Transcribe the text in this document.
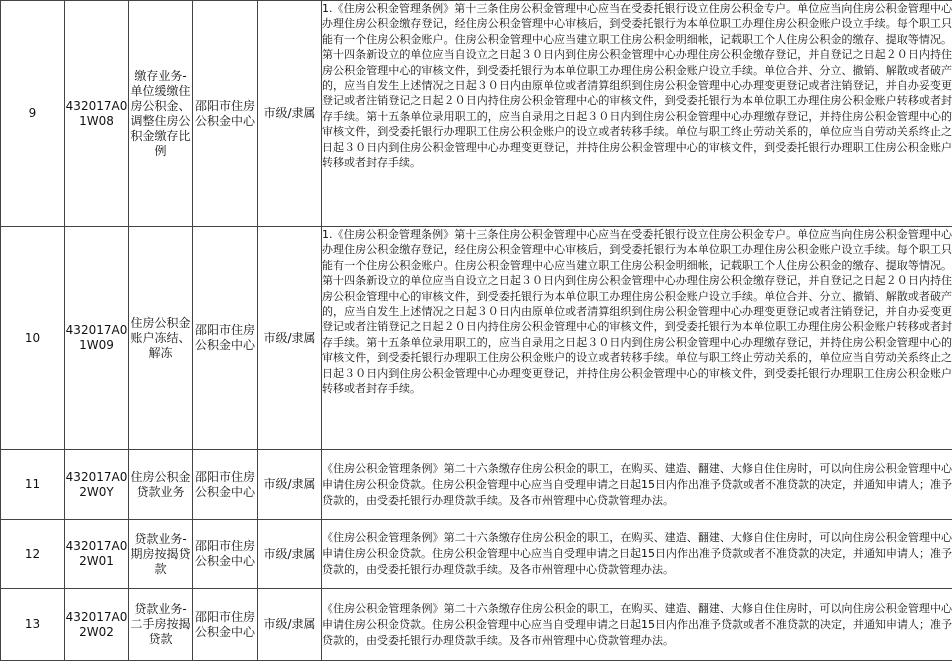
9	432017A01W08	缴存业务-单位缓缴住房公积金、调整住房公积金缴存比例	邵阳市住房公积金中心	市级/隶属	1.《住房公积金管理条例》第十三条住房公积金管理中心应当在受委托银行设立住房公积金专户。单位应当向住房公积金管理中心办理住房公积金缴存登记，经住房公积金管理中心审核后，到受委托银行为本单位职工办理住房公积金账户设立手续。每个职工只能有一个住房公积金账户。住房公积金管理中心应当建立职工住房公积金明细帐，记载职工个人住房公积金的缴存、提取等情况。第十四条新设立的单位应当自设立之日起３０日内到住房公积金管理中心办理住房公积金缴存登记，并自登记之日起２０日内持住房公积金管理中心的审核文件，到受委托银行为本单位职工办理住房公积金账户设立手续。单位合并、分立、撤销、解散或者破产的，应当自发生上述情况之日起３０日内由原单位或者清算组织到住房公积金管理中心办理变更登记或者注销登记，并自办妥变更登记或者注销登记之日起２０日内持住房公积金管理中心的审核文件，到受委托银行为本单位职工办理住房公积金账户转移或者封存手续。第十五条单位录用职工的，应当自录用之日起３０日内到住房公积金管理中心办理缴存登记，并持住房公积金管理中心的审核文件，到受委托银行办理职工住房公积金账户的设立或者转移手续。单位与职工终止劳动关系的，单位应当自劳动关系终止之日起３０日内到住房公积金管理中心办理变更登记，并持住房公积金管理中心的审核文件，到受委托银行办理职工住房公积金账户转移或者封存手续。
10	432017A01W09	住房公积金账户冻结、解冻	邵阳市住房公积金中心	市级/隶属	1.《住房公积金管理条例》第十三条住房公积金管理中心应当在受委托银行设立住房公积金专户。单位应当向住房公积金管理中心办理住房公积金缴存登记，经住房公积金管理中心审核后，到受委托银行为本单位职工办理住房公积金账户设立手续。每个职工只能有一个住房公积金账户。住房公积金管理中心应当建立职工住房公积金明细帐，记载职工个人住房公积金的缴存、提取等情况。第十四条新设立的单位应当自设立之日起３０日内到住房公积金管理中心办理住房公积金缴存登记，并自登记之日起２０日内持住房公积金管理中心的审核文件，到受委托银行为本单位职工办理住房公积金账户设立手续。单位合并、分立、撤销、解散或者破产的，应当自发生上述情况之日起３０日内由原单位或者清算组织到住房公积金管理中心办理变更登记或者注销登记，并自办妥变更登记或者注销登记之日起２０日内持住房公积金管理中心的审核文件，到受委托银行为本单位职工办理住房公积金账户转移或者封存手续。第十五条单位录用职工的，应当自录用之日起３０日内到住房公积金管理中心办理缴存登记，并持住房公积金管理中心的审核文件，到受委托银行办理职工住房公积金账户的设立或者转移手续。单位与职工终止劳动关系的，单位应当自劳动关系终止之日起３０日内到住房公积金管理中心办理变更登记，并持住房公积金管理中心的审核文件，到受委托银行办理职工住房公积金账户转移或者封存手续。
11	432017A02W0Y	住房公积金贷款业务	邵阳市住房公积金中心	市级/隶属	《住房公积金管理条例》第二十六条缴存住房公积金的职工，在购买、建造、翻建、大修自住住房时，可以向住房公积金管理中心申请住房公积金贷款。住房公积金管理中心应当自受理申请之日起15日内作出准予贷款或者不准贷款的决定，并通知申请人；准予贷款的，由受委托银行办理贷款手续。及各市州管理中心贷款管理办法。
12	432017A02W01	贷款业务-期房按揭贷款	邵阳市住房公积金中心	市级/隶属	《住房公积金管理条例》第二十六条缴存住房公积金的职工，在购买、建造、翻建、大修自住住房时，可以向住房公积金管理中心申请住房公积金贷款。住房公积金管理中心应当自受理申请之日起15日内作出准予贷款或者不准贷款的决定，并通知申请人；准予贷款的，由受委托银行办理贷款手续。及各市州管理中心贷款管理办法。
13	432017A02W02	贷款业务-二手房按揭贷款	邵阳市住房公积金中心	市级/隶属	《住房公积金管理条例》第二十六条缴存住房公积金的职工，在购买、建造、翻建、大修自住住房时，可以向住房公积金管理中心申请住房公积金贷款。住房公积金管理中心应当自受理申请之日起15日内作出准予贷款或者不准贷款的决定，并通知申请人；准予贷款的，由受委托银行办理贷款手续。及各市州管理中心贷款管理办法。
